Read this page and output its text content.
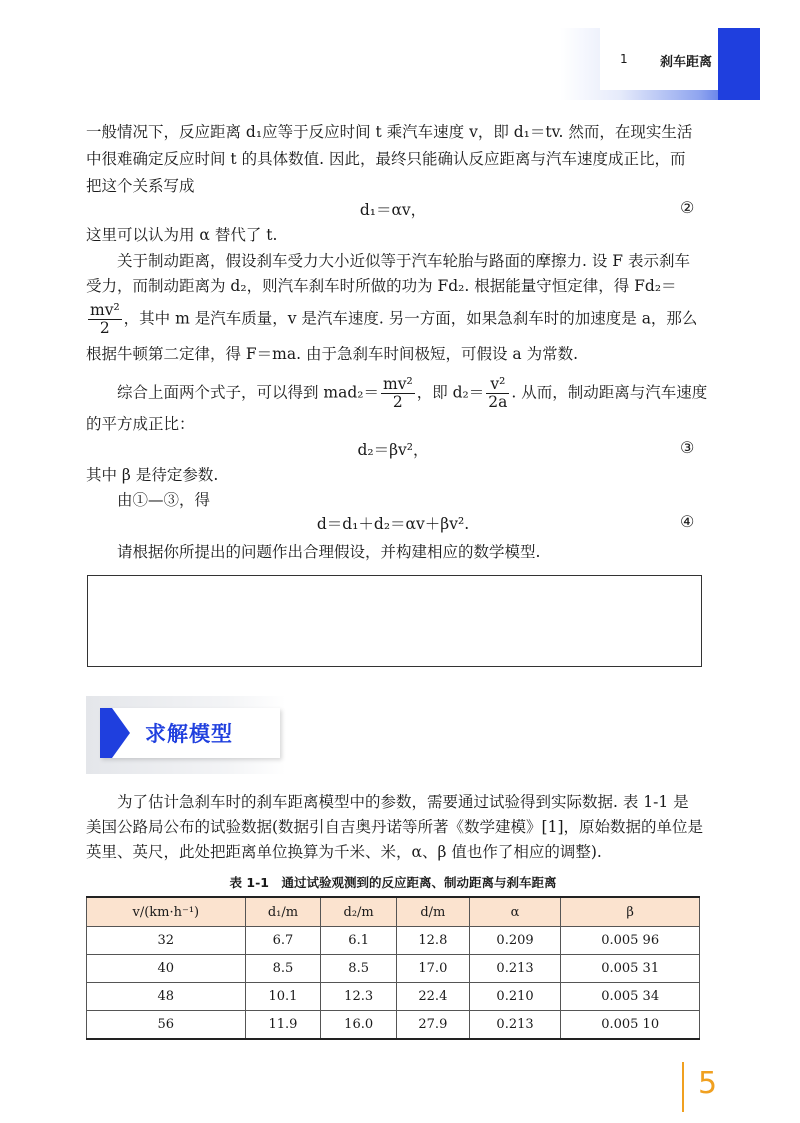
1 刹车距离
一般情况下，反应距离 d₁应等于反应时间 t 乘汽车速度 v，即 d₁＝tv. 然而，在现实生活
中很难确定反应时间 t 的具体数值. 因此，最终只能确认反应距离与汽车速度成正比，而
把这个关系写成
d₁＝αv，	②
这里可以认为用 α 替代了 t.
关于制动距离，假设刹车受力大小近似等于汽车轮胎与路面的摩擦力. 设 F 表示刹车
受力，而制动距离为 d₂，则汽车刹车时所做的功为 Fd₂. 根据能量守恒定律，得 Fd₂＝
$\frac{\text{mv²}}{2}$ ，其中 m 是汽车质量，v 是汽车速度. 另一方面，如果急刹车时的加速度是 a，那么
根据牛顿第二定律，得 F＝ma. 由于急刹车时间极短，可假设 a 为常数.
综合上面两个式子，可以得到 $mad_2= \frac{\text{mv²}}{2}$ ，即 $d_2= \frac{\text{v²}}{2a}$ . 从而，制动距离与汽车速度
的平方成正比：
d₂＝βv²，	③
其中 β 是待定参数.
由①—③，得
d＝d₁＋d₂＝αv＋βv².	④
请根据你所提出的问题作出合理假设，并构建相应的数学模型.
求解模型
为了估计急刹车时的刹车距离模型中的参数，需要通过试验得到实际数据. 表 1-1 是
美国公路局公布的试验数据(数据引自吉奥丹诺等所著《数学建模》[1]，原始数据的单位是
英里、英尺，此处把距离单位换算为千米、米，α、β 值也作了相应的调整).
表 1-1　通过试验观测到的反应距离、制动距离与刹车距离
v/(km·h⁻¹)	d₁/m	d₂/m	d/m	α	β
32	6.7	6.1	12.8	0.209	0.005 96
40	8.5	8.5	17.0	0.213	0.005 31
48	10.1	12.3	22.4	0.210	0.005 34
56	11.9	16.0	27.9	0.213	0.005 10
5
